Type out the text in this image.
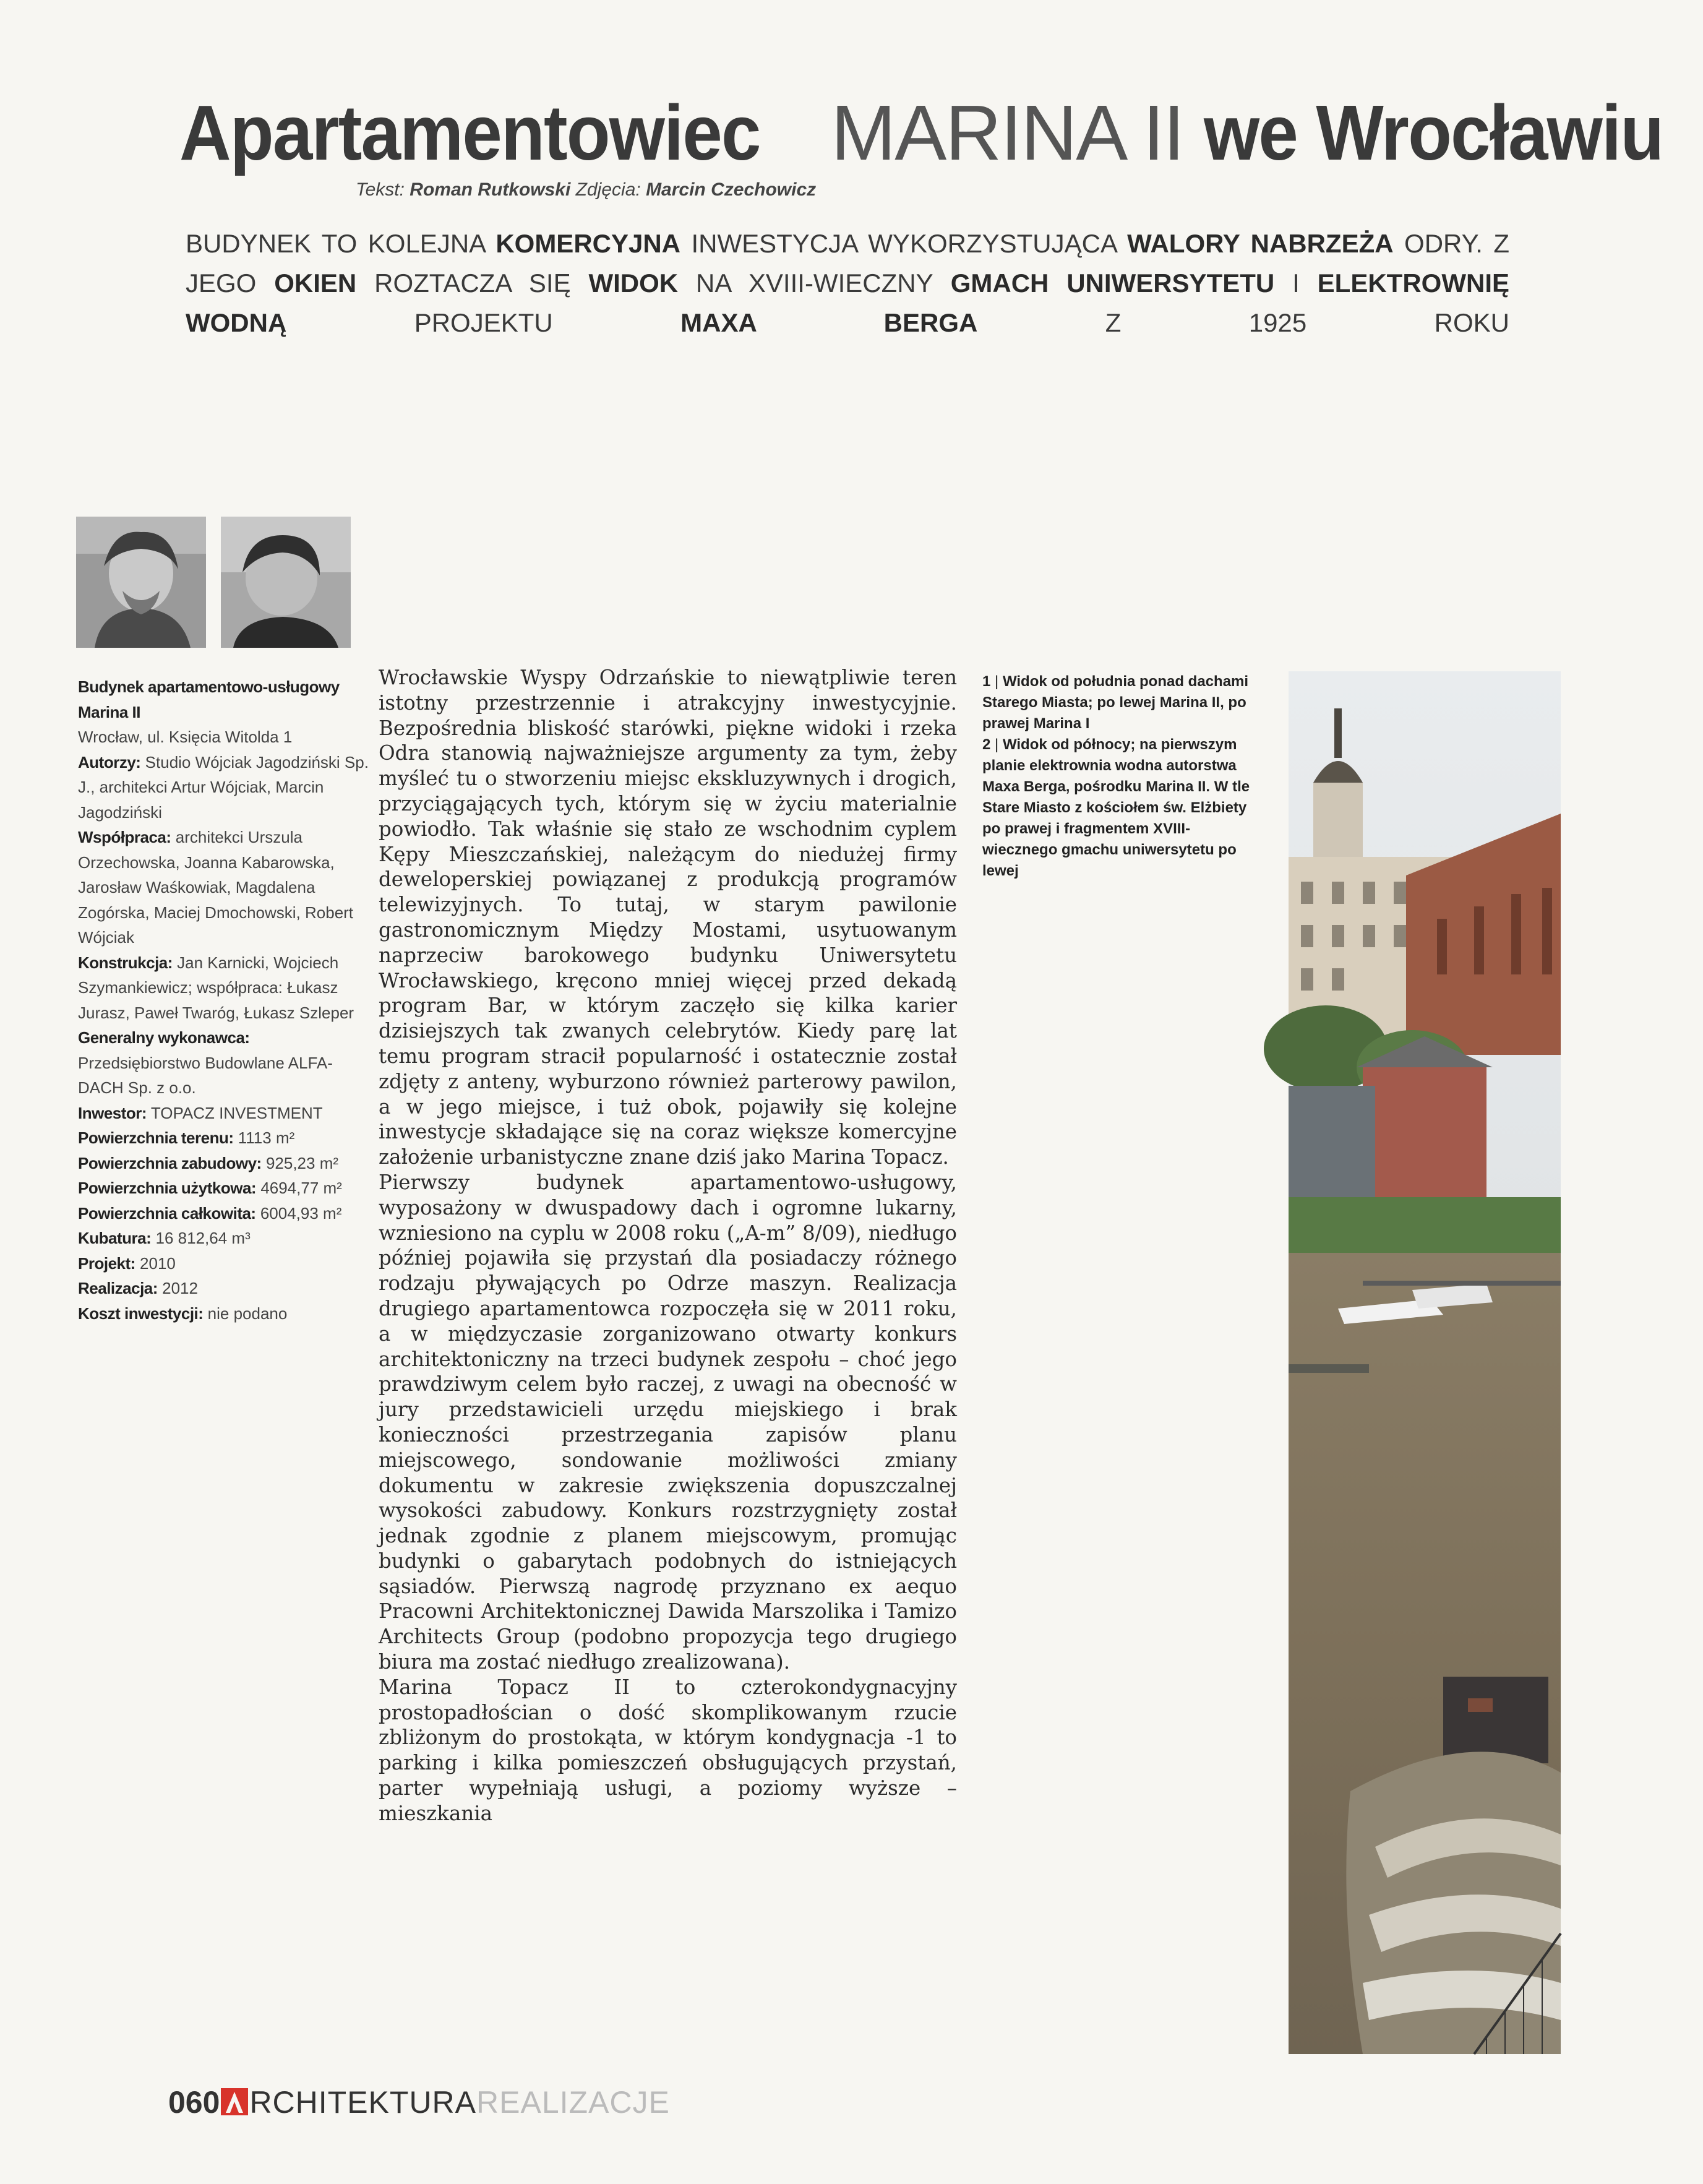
Apartamentowiec MARINA II we Wrocławiu

Tekst: Roman Rutkowski Zdjęcia: Marcin Czechowicz

BUDYNEK TO KOLEJNA KOMERCYJNA INWESTYCJA WYKORZYSTUJĄCA WALORY NABRZEŻA ODRY. Z JEGO OKIEN ROZTACZA SIĘ WIDOK NA XVIII-WIECZNY GMACH UNIWERSYTETU I ELEKTROWNIĘ WODNĄ PROJEKTU MAXA BERGA Z 1925 ROKU

Budynek apartamentowo-usługowy Marina II
Wrocław, ul. Księcia Witolda 1
Autorzy: Studio Wójciak Jagodziński Sp. J., architekci Artur Wójciak, Marcin Jagodziński
Współpraca: architekci Urszula Orzechowska, Joanna Kabarowska, Jarosław Waśkowiak, Magdalena Zogórska, Maciej Dmochowski, Robert Wójciak
Konstrukcja: Jan Karnicki, Wojciech Szymankiewicz; współpraca: Łukasz Jurasz, Paweł Twaróg, Łukasz Szleper
Generalny wykonawca: Przedsiębiorstwo Budowlane ALFA-DACH Sp. z o.o.
Inwestor: TOPACZ INVESTMENT
Powierzchnia terenu: 1113 m²
Powierzchnia zabudowy: 925,23 m²
Powierzchnia użytkowa: 4694,77 m²
Powierzchnia całkowita: 6004,93 m²
Kubatura: 16 812,64 m³
Projekt: 2010
Realizacja: 2012
Koszt inwestycji: nie podano

Wrocławskie Wyspy Odrzańskie to niewątpliwie teren istotny przestrzennie i atrakcyjny inwestycyjnie. Bezpośrednia bliskość starówki, piękne widoki i rzeka Odra stanowią najważniejsze argumenty za tym, żeby myśleć tu o stworzeniu miejsc ekskluzywnych i drogich, przyciągających tych, którym się w życiu materialnie powiodło. Tak właśnie się stało ze wschodnim cyplem Kępy Mieszczańskiej, należącym do niedużej firmy deweloperskiej powiązanej z produkcją programów telewizyjnych. To tutaj, w starym pawilonie gastronomicznym Między Mostami, usytuowanym naprzeciw barokowego budynku Uniwersytetu Wrocławskiego, kręcono mniej więcej przed dekadą program Bar, w którym zaczęło się kilka karier dzisiejszych tak zwanych celebrytów. Kiedy parę lat temu program stracił popularność i ostatecznie został zdjęty z anteny, wyburzono również parterowy pawilon, a w jego miejsce, i tuż obok, pojawiły się kolejne inwestycje składające się na coraz większe komercyjne założenie urbanistyczne znane dziś jako Marina Topacz.

Pierwszy budynek apartamentowo-usługowy, wyposażony w dwuspadowy dach i ogromne lukarny, wzniesiono na cyplu w 2008 roku („A-m” 8/09), niedługo później pojawiła się przystań dla posiadaczy różnego rodzaju pływających po Odrze maszyn. Realizacja drugiego apartamentowca rozpoczęła się w 2011 roku, a w międzyczasie zorganizowano otwarty konkurs architektoniczny na trzeci budynek zespołu – choć jego prawdziwym celem było raczej, z uwagi na obecność w jury przedstawicieli urzędu miejskiego i brak konieczności przestrzegania zapisów planu miejscowego, sondowanie możliwości zmiany dokumentu w zakresie zwiększenia dopuszczalnej wysokości zabudowy. Konkurs rozstrzygnięty został jednak zgodnie z planem miejscowym, promując budynki o gabarytach podobnych do istniejących sąsiadów. Pierwszą nagrodę przyznano ex aequo Pracowni Architektonicznej Dawida Marszolika i Tamizo Architects Group (podobno propozycja tego drugiego biura ma zostać niedługo zrealizowana).

Marina Topacz II to czterokondygnacyjny prostopadłościan o dość skomplikowanym rzucie zbliżonym do prostokąta, w którym kondygnacja -1 to parking i kilka pomieszczeń obsługujących przystań, parter wypełniają usługi, a poziomy wyższe – mieszkania

1 | Widok od południa ponad dachami Starego Miasta; po lewej Marina II, po prawej Marina I

2 | Widok od północy; na pierwszym planie elektrownia wodna autorstwa Maxa Berga, pośrodku Marina II. W tle Stare Miasto z kościołem św. Elżbiety po prawej i fragmentem XVIII-wiecznego gmachu uniwersytetu po lewej

060 RCHITEKTURAREALIZACJE
